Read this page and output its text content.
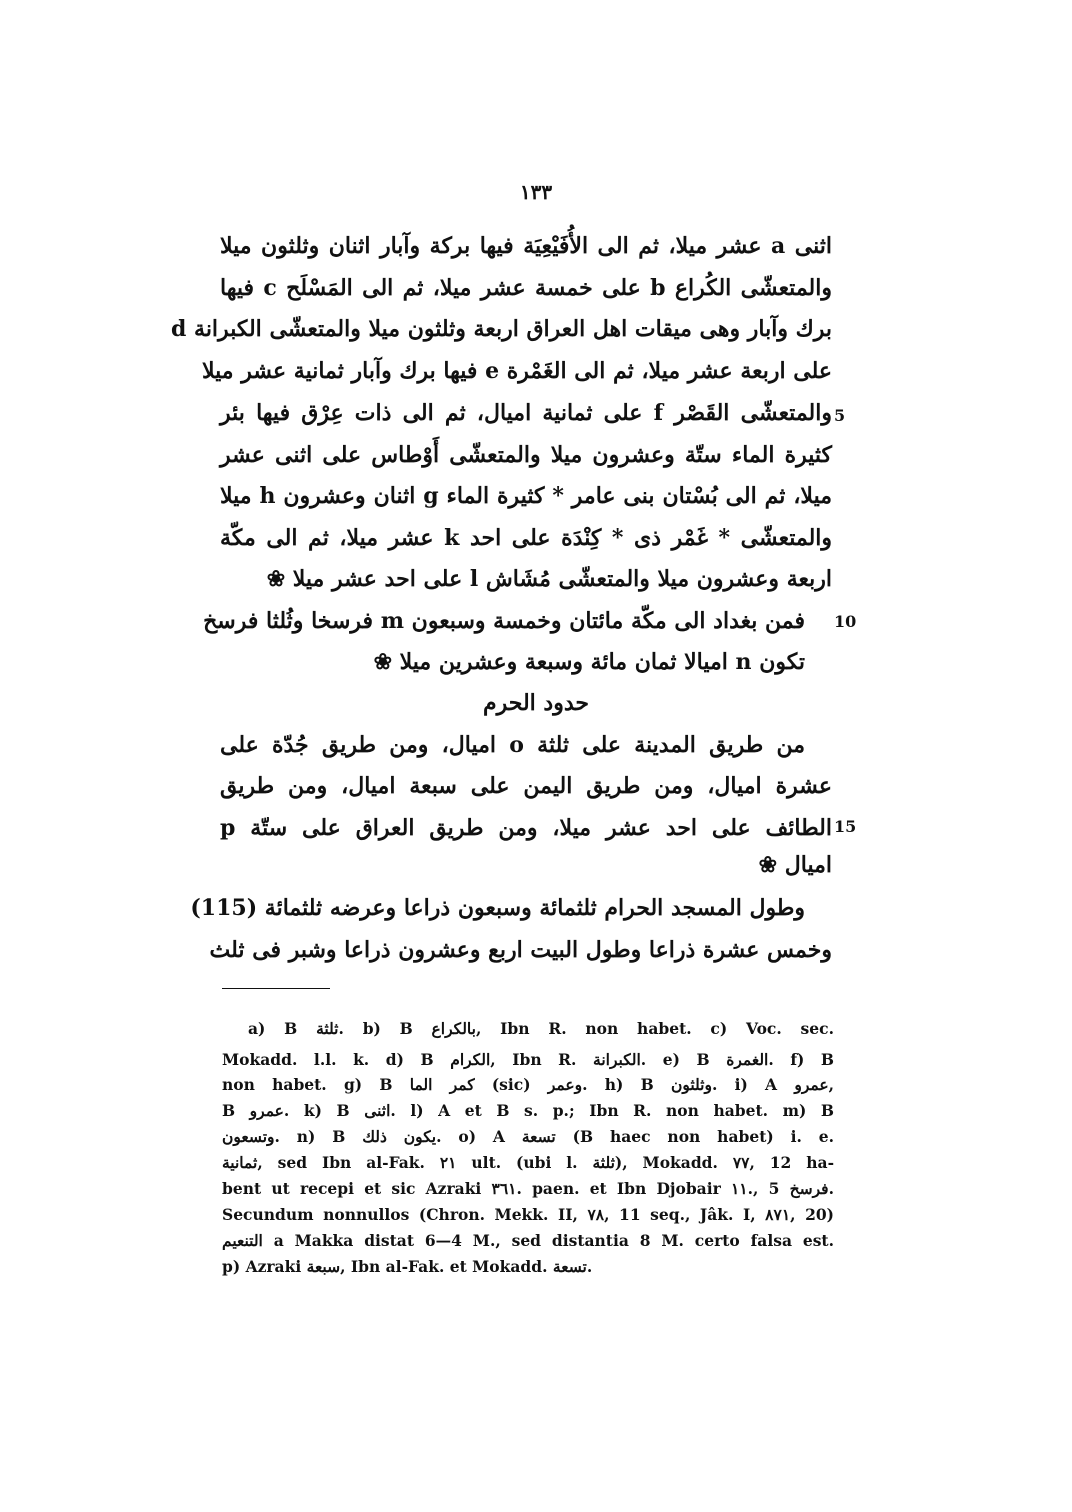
١٣٣
اثنى a عشر ميلا، ثم الى الأُفَيْعِيَة فيها بركة وآبار اثنان وثلثون ميلا
والمتعشّى الكُراع b على خمسة عشر ميلا، ثم الى المَسْلَح c فيها
برك وآبار وهى ميقات اهل العراق اربعة وثلثون ميلا والمتعشّى الكبرانة d
على اربعة عشر ميلا، ثم الى الغَمْرة e فيها برك وآبار ثمانية عشر ميلا
والمتعشّى القَصْر f على ثمانية اميال، ثم الى ذات عِرْق فيها بئر
كثيرة الماء ستّة وعشرون ميلا والمتعشّى أَوْطاس على اثنى عشر
ميلا، ثم الى بُسْتان بنى عامر * كثيرة الماء g اثنان وعشرون h ميلا
والمتعشّى * غَمْر ذى * كِنْدَة على احد k عشر ميلا، ثم الى مكّة
اربعة وعشرون ميلا والمتعشّى مُشَاش l على احد عشر ميلا ❀
فمن بغداد الى مكّة مائتان وخمسة وسبعون m فرسخا وثُلثا فرسخ
تكون n اميالا ثمان مائة وسبعة وعشرين ميلا ❀
حدود الحرم
من طريق المدينة على ثلثة o اميال، ومن طريق جُدّة على
عشرة اميال، ومن طريق اليمن على سبعة اميال، ومن طريق
الطائف على احد عشر ميلا، ومن طريق العراق على ستّة p
اميال ❀
وطول المسجد الحرام ثلثمائة وسبعون ذراعا وعرضه ثلثمائة (115)
وخمس عشرة ذراعا وطول البيت اربع وعشرون ذراعا وشبر فى ثلث
5
10
15
a) B ثلثة. b) B بالكراع, Ibn R. non habet. c) Voc. sec.
Mokadd. l.l. k. d) B الكرام, Ibn R. الكبرانة. e) B الغمرة. f) B
non habet. g) B كمر الما (sic) وعمر. h) B وثلثون. i) A عمرو,
B عمرو. k) B اثنى. l) A et B s. p.; Ibn R. non habet. m) B
وتسعون. n) B يكون ذلك. o) A تسعة (B haec non habet) i. e.
ثمانية, sed Ibn al-Fak. ٢١ ult. (ubi l. ثلثة), Mokadd. ٧٧, 12 ha-
bent ut recepi et sic Azraki ٣٦١. paen. et Ibn Djobair ١١., 5 فرسخ.
Secundum nonnullos (Chron. Mekk. II, ٧٨, 11 seq., Jâk. I, ٨٧١, 20)
التنعيم a Makka distat 6—4 M., sed distantia 8 M. certo falsa est.
p) Azraki سبعة, Ibn al-Fak. et Mokadd. تسعة.
